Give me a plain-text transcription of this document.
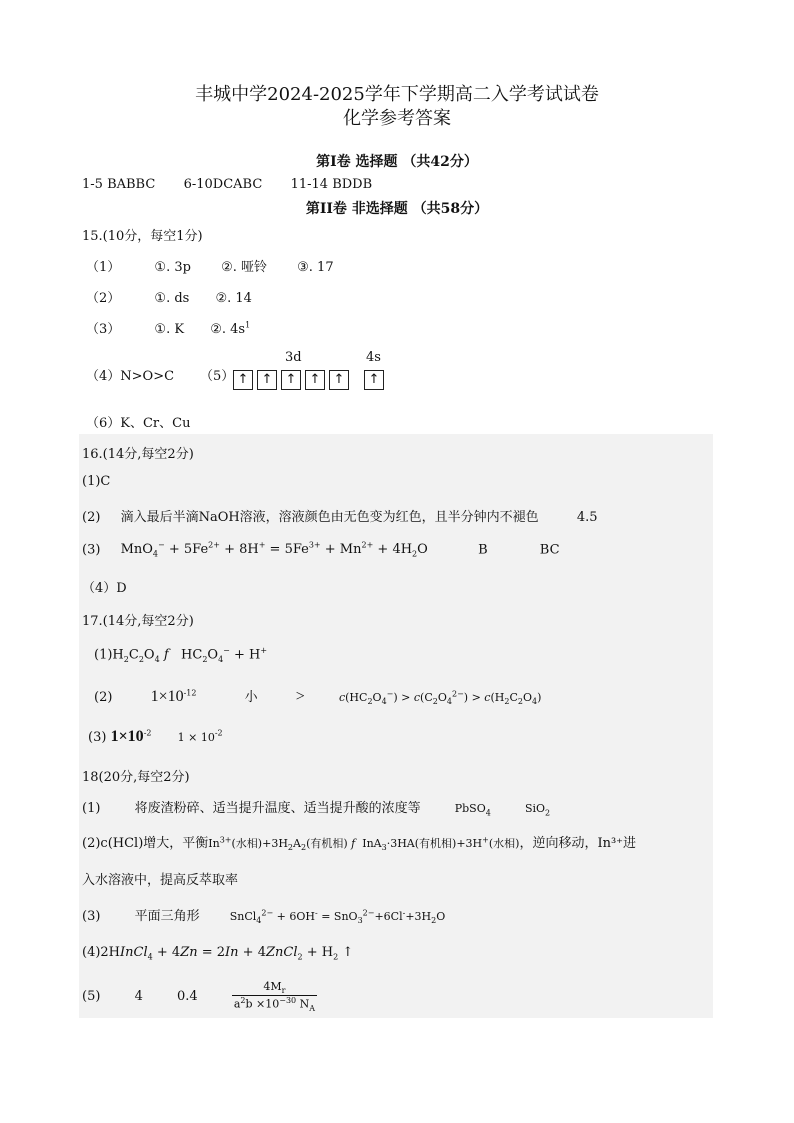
丰城中学2024-2025学年下学期高二入学考试试卷
化学参考答案
第Ⅰ卷 选择题 （共42分）
1-5 BABBC 6-10DCABC 11-14 BDDB
第ⅠⅠ卷 非选择题 （共58分）
15.(10分，每空1分)
（1）	①. 3p ②. 哑铃 ③. 17
（2）	①. ds ②. 14
（3）	①. K ②. $4s^1$
（4）N>O>C （5）
3d
↑	↑	↑	↑	↑
4s
↑
（6）K、Cr、Cu
16.(14分,每空2分)
(1)C
(2) 滴入最后半滴NaOH溶液，溶液颜色由无色变为红色，且半分钟内不褪色	4.5
(3) $MnO_4^- + 5Fe^{2+} + 8H^+ = 5Fe^{3+} + Mn^{2+} + 4H_2O$	B	BC
（4）D
17.(14分,每空2分)
$(1)H_2C_2O_4$ f   $HC_2O_4^- + H^+$
(2) $1\times 10^{-12}$	小 >	$c(HC_2O_4^-) > c(C_2O_4^{2-}) > c(H_2C_2O_4)$
(3) $1\times 10^{-2}$ $1 \times 10^{-2}$
18(20分,每空2分)
(1)	将废渣粉碎、适当提升温度、适当提升酸的浓度等	PbSO$_4$	SiO$_2$
(2)c(HCl)增大，平衡$In^{3+}$(水相)$+3H_2A_2$(有机相) f  InA$_3$·3HA(有机相)+3H+(水相)，逆向移动，In³⁺进
入水溶液中，提高反萃取率
(3)	平面三角形	SnCl$_4^{2-}$ + $6OH^- = SnO_3^{2-}+6Cl^-+3H_2O$
(4)2HInCl$_4$ + 4Zn = 2In + 4ZnCl$_2$ + $H_2$ ↑
(5)	4	0.4	$\frac{4M_r}{a^2b \times 10^{-30} N_A}$
